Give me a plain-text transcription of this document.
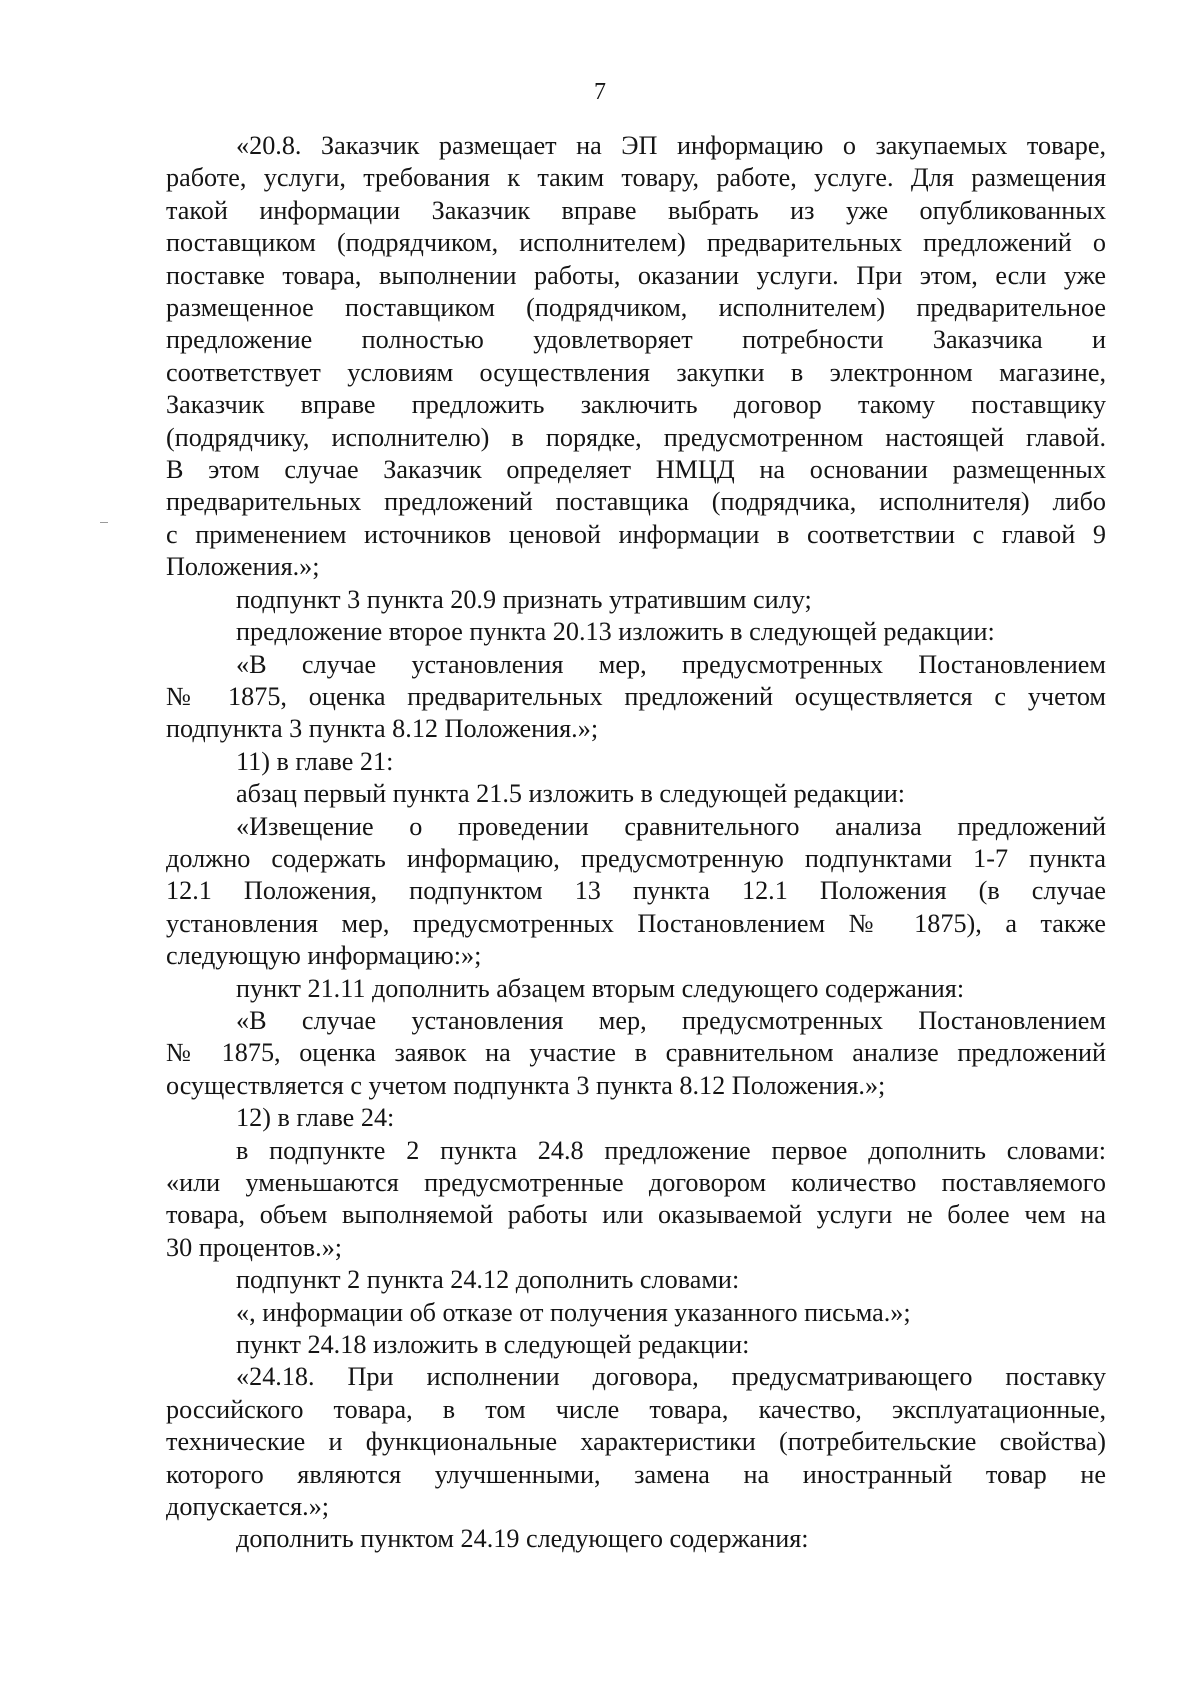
7
«20.8. Заказчик размещает на ЭП информацию о закупаемых товаре,
работе, услуги, требования к таким товару, работе, услуге. Для размещения
такой информации Заказчик вправе выбрать из уже опубликованных
поставщиком (подрядчиком, исполнителем) предварительных предложений о
поставке товара, выполнении работы, оказании услуги. При этом, если уже
размещенное поставщиком (подрядчиком, исполнителем) предварительное
предложение полностью удовлетворяет потребности Заказчика и
соответствует условиям осуществления закупки в электронном магазине,
Заказчик вправе предложить заключить договор такому поставщику
(подрядчику, исполнителю) в порядке, предусмотренном настоящей главой.
В этом случае Заказчик определяет НМЦД на основании размещенных
предварительных предложений поставщика (подрядчика, исполнителя) либо
с применением источников ценовой информации в соответствии с главой 9
Положения.»;
подпункт 3 пункта 20.9 признать утратившим силу;
предложение второе пункта 20.13 изложить в следующей редакции:
«В случае установления мер, предусмотренных Постановлением
№ 1875, оценка предварительных предложений осуществляется с учетом
подпункта 3 пункта 8.12 Положения.»;
11) в главе 21:
абзац первый пункта 21.5 изложить в следующей редакции:
«Извещение о проведении сравнительного анализа предложений
должно содержать информацию, предусмотренную подпунктами 1-7 пункта
12.1 Положения, подпунктом 13 пункта 12.1 Положения (в случае
установления мер, предусмотренных Постановлением № 1875), а также
следующую информацию:»;
пункт 21.11 дополнить абзацем вторым следующего содержания:
«В случае установления мер, предусмотренных Постановлением
№ 1875, оценка заявок на участие в сравнительном анализе предложений
осуществляется с учетом подпункта 3 пункта 8.12 Положения.»;
12) в главе 24:
в подпункте 2 пункта 24.8 предложение первое дополнить словами:
«или уменьшаются предусмотренные договором количество поставляемого
товара, объем выполняемой работы или оказываемой услуги не более чем на
30 процентов.»;
подпункт 2 пункта 24.12 дополнить словами:
«, информации об отказе от получения указанного письма.»;
пункт 24.18 изложить в следующей редакции:
«24.18. При исполнении договора, предусматривающего поставку
российского товара, в том числе товара, качество, эксплуатационные,
технические и функциональные характеристики (потребительские свойства)
которого являются улучшенными, замена на иностранный товар не
допускается.»;
дополнить пунктом 24.19 следующего содержания:
